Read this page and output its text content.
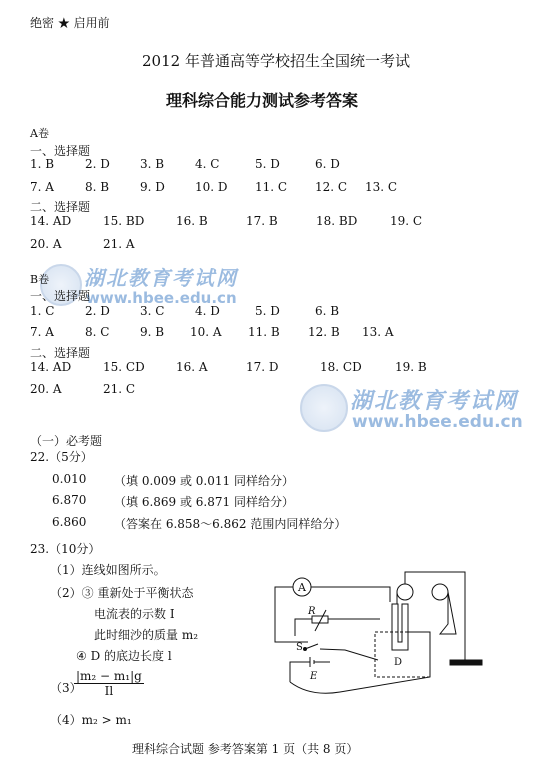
绝密 ★ 启用前
2012 年普通高等学校招生全国统一考试
理科综合能力测试参考答案
湖北教育考试网
www.hbee.edu.cn
湖北教育考试网
www.hbee.edu.cn
A卷
一、选择题
1. B	2. D	3. B	4. C	5. D	6. D
7. A	8. B	9. D	10. D 11. C 12. C 13. C
二、选择题
14. AD	15. BD	16. B	17. B	18. BD	19. C
20. A	21. A
B卷
一、选择题
1. C	2. D	3. C	4. D	5. D	6. B
7. A	8. C	9. B 10. A 11. B 12. B 13. A
二、选择题
14. AD	15. CD	16. A	17. D	18. CD	19. B
20. A	21. C
（一）必考题
22.（5分）
0.010 （填 0.009 或 0.011 同样给分）
6.870 （填 6.869 或 6.871 同样给分）
6.860 （答案在 6.858～6.862 范围内同样给分）
23.（10分）
（1）连线如图所示。
（2）③ 重新处于平衡状态
电流表的示数 I
此时细沙的质量 m₂
④ D 的底边长度 l
（3）
$\frac{\text{|m₂ − m₁|g}}{Il}$
（4）m₂ > m₁
A
R
S
E
D
理科综合试题 参考答案第 1 页（共 8 页）
